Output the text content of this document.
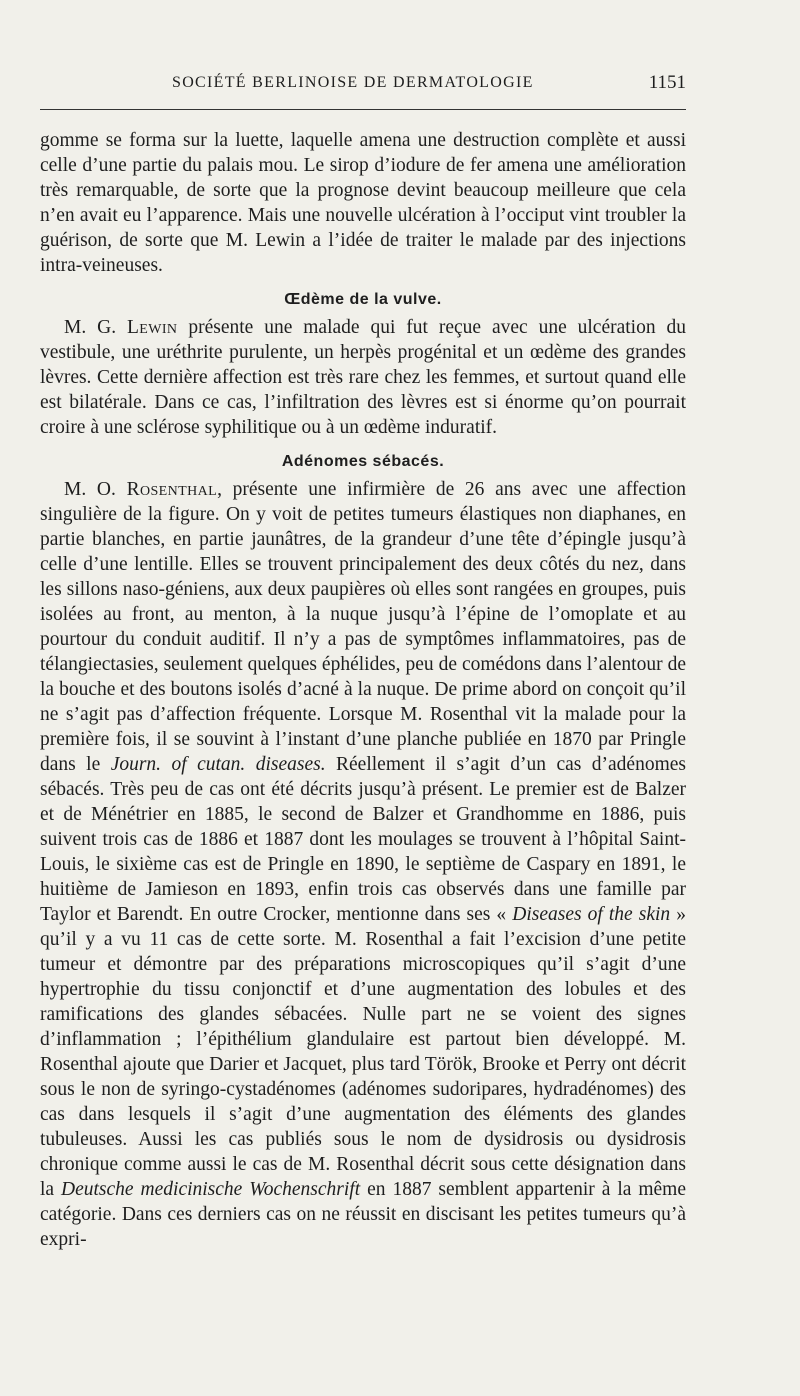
SOCIÉTÉ BERLINOISE DE DERMATOLOGIE	1151

gomme se forma sur la luette, laquelle amena une destruction complète et aussi celle d’une partie du palais mou. Le sirop d’iodure de fer amena une amélioration très remarquable, de sorte que la prognose devint beaucoup meilleure que cela n’en avait eu l’apparence. Mais une nouvelle ulcération à l’occiput vint troubler la guérison, de sorte que M. Lewin a l’idée de traiter le malade par des injections intra-veineuses.

Œdème de la vulve.

M. G. Lewin présente une malade qui fut reçue avec une ulcération du vestibule, une uréthrite purulente, un herpès progénital et un œdème des grandes lèvres. Cette dernière affection est très rare chez les femmes, et surtout quand elle est bilatérale. Dans ce cas, l’infiltration des lèvres est si énorme qu’on pourrait croire à une sclérose syphilitique ou à un œdème induratif.

Adénomes sébacés.

M. O. Rosenthal, présente une infirmière de 26 ans avec une affection singulière de la figure. On y voit de petites tumeurs élastiques non diaphanes, en partie blanches, en partie jaunâtres, de la grandeur d’une tête d’épingle jusqu’à celle d’une lentille. Elles se trouvent principalement des deux côtés du nez, dans les sillons naso-géniens, aux deux paupières où elles sont rangées en groupes, puis isolées au front, au menton, à la nuque jusqu’à l’épine de l’omoplate et au pourtour du conduit auditif. Il n’y a pas de symptômes inflammatoires, pas de télangiectasies, seulement quelques éphélides, peu de comédons dans l’alentour de la bouche et des boutons isolés d’acné à la nuque. De prime abord on conçoit qu’il ne s’agit pas d’affection fréquente. Lorsque M. Rosenthal vit la malade pour la première fois, il se souvint à l’instant d’une planche publiée en 1870 par Pringle dans le Journ. of cutan. diseases. Réellement il s’agit d’un cas d’adénomes sébacés. Très peu de cas ont été décrits jusqu’à présent. Le premier est de Balzer et de Ménétrier en 1885, le second de Balzer et Grandhomme en 1886, puis suivent trois cas de 1886 et 1887 dont les moulages se trouvent à l’hôpital Saint-Louis, le sixième cas est de Pringle en 1890, le septième de Caspary en 1891, le huitième de Jamieson en 1893, enfin trois cas observés dans une famille par Taylor et Barendt. En outre Crocker, mentionne dans ses « Diseases of the skin » qu’il y a vu 11 cas de cette sorte. M. Rosenthal a fait l’excision d’une petite tumeur et démontre par des préparations microscopiques qu’il s’agit d’une hypertrophie du tissu conjonctif et d’une augmentation des lobules et des ramifications des glandes sébacées. Nulle part ne se voient des signes d’inflammation ; l’épithélium glandulaire est partout bien développé. M. Rosenthal ajoute que Darier et Jacquet, plus tard Török, Brooke et Perry ont décrit sous le non de syringo-cystadénomes (adénomes sudoripares, hydradénomes) des cas dans lesquels il s’agit d’une augmentation des éléments des glandes tubuleuses. Aussi les cas publiés sous le nom de dysidrosis ou dysidrosis chronique comme aussi le cas de M. Rosenthal décrit sous cette désignation dans la Deutsche medicinische Wochenschrift en 1887 semblent appartenir à la même catégorie. Dans ces derniers cas on ne réussit en discisant les petites tumeurs qu’à expri-
